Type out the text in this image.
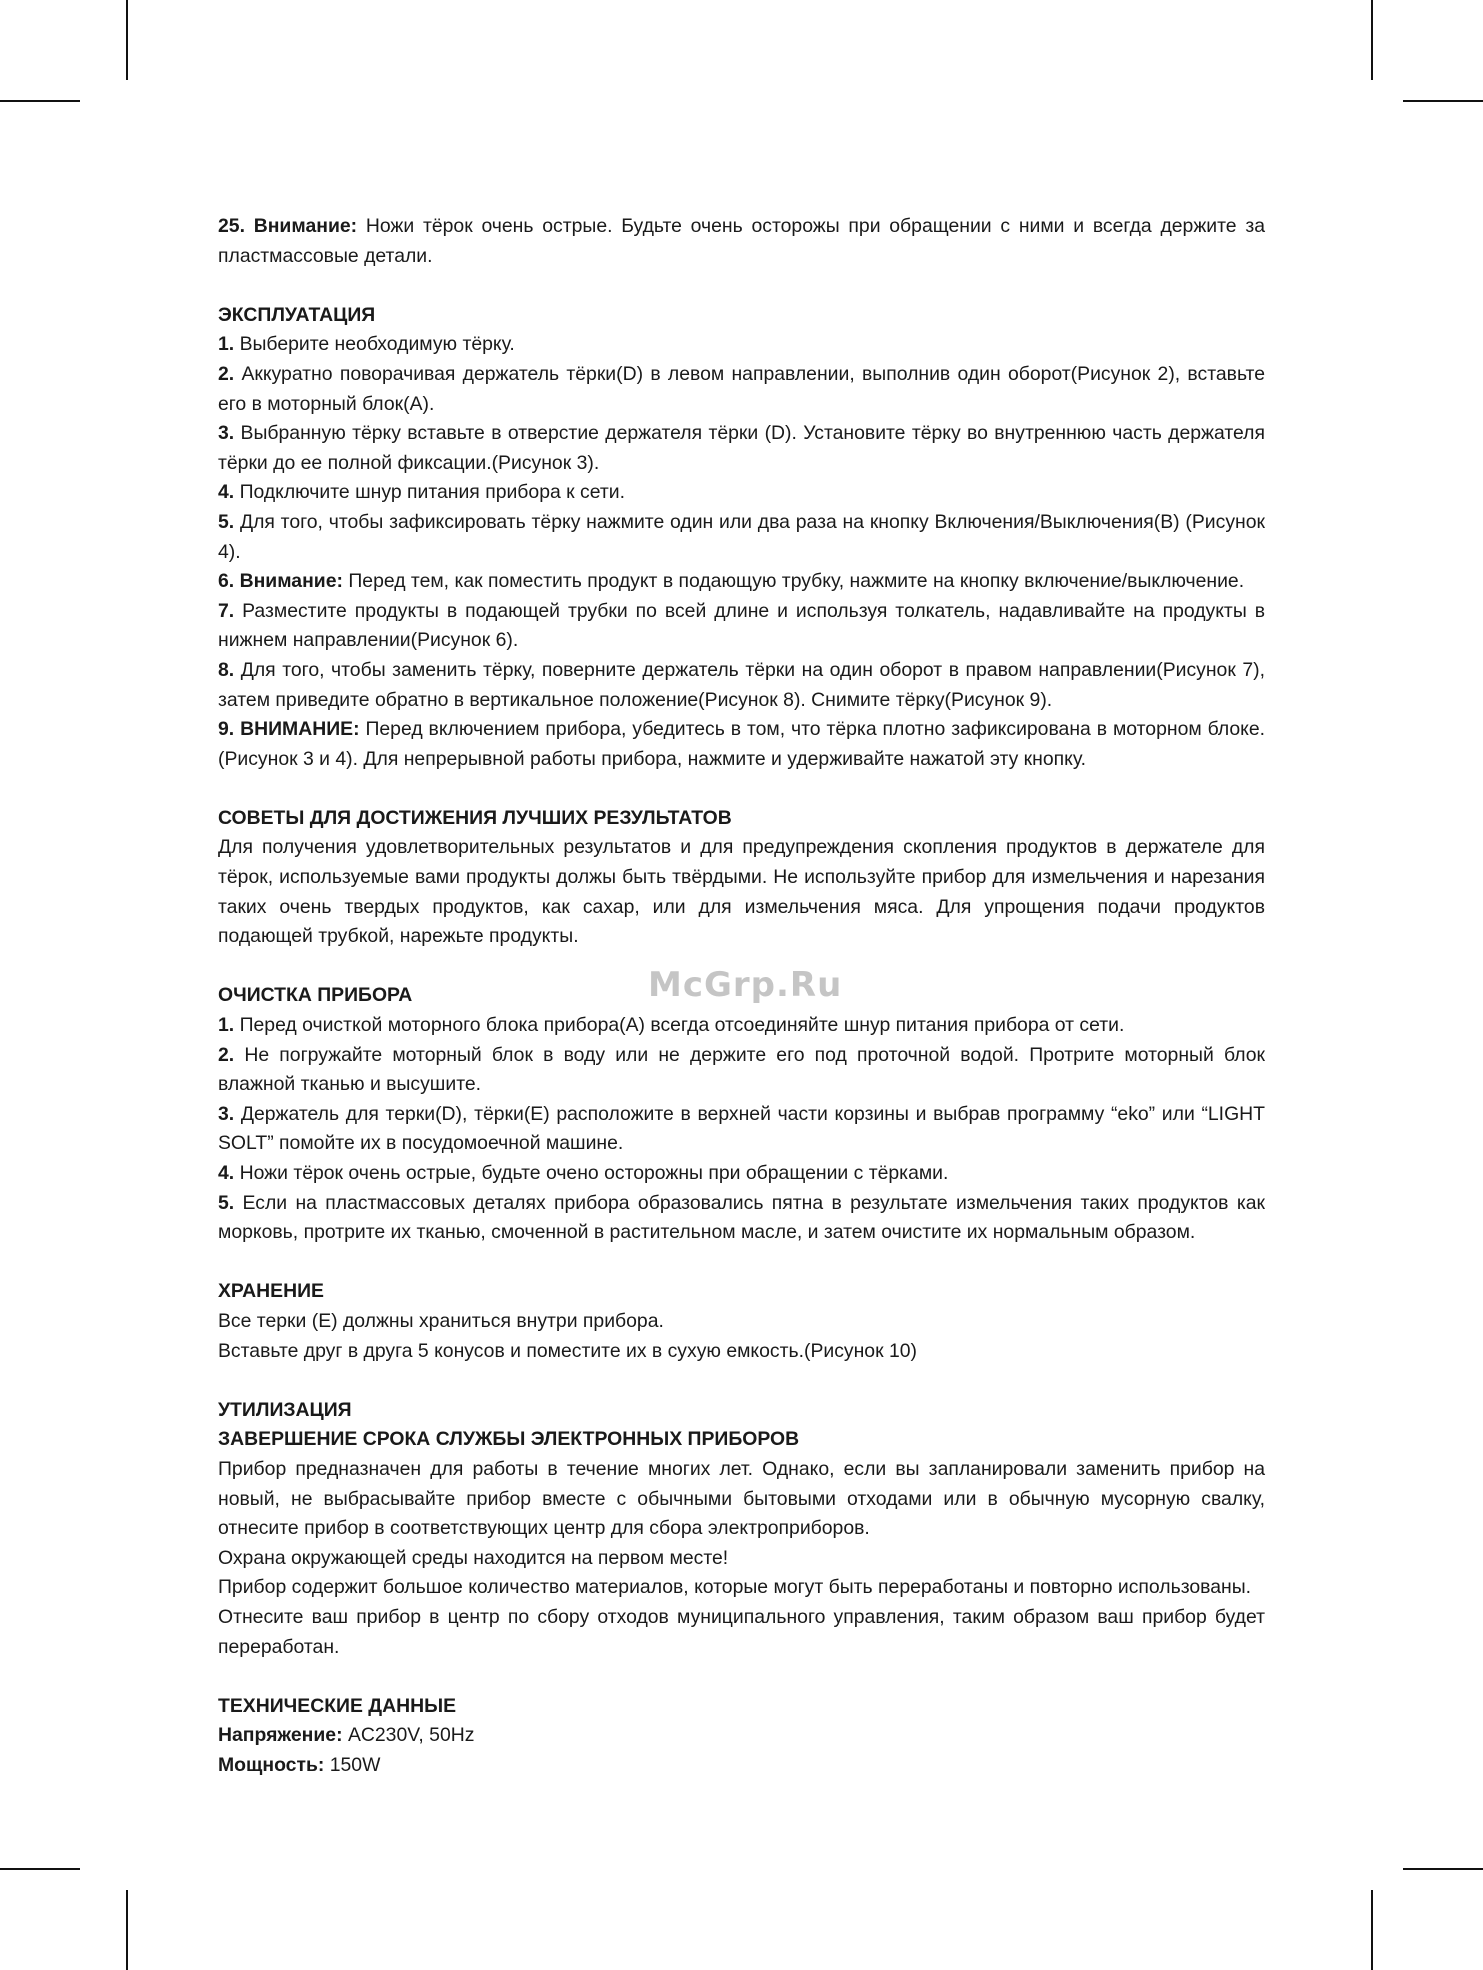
25. Внимание: Ножи тёрок очень острые. Будьте очень осторожы при обращении с ними и всегда держите за пластмассовые детали.

ЭКСПЛУАТАЦИЯ

1. Выберите необходимую тёрку.

2. Аккуратно поворачивая держатель тёрки(D) в левом направлении, выполнив один оборот(Рисунок 2), вставьте его в моторный блок(А).

3. Выбранную тёрку вставьте в отверстие держателя тёрки (D). Установите тёрку во внутреннюю часть держателя тёрки до ее полной фиксации.(Рисунок 3).

4. Подключите шнур питания прибора к сети.

5. Для того, чтобы зафиксировать тёрку нажмите один или два раза на кнопку Включения/Выключения(B) (Рисунок 4).

6. Внимание: Перед тем, как поместить продукт в подающую трубку, нажмите на кнопку включение/выключение.

7. Разместите продукты в подающей трубки по всей длине и используя толкатель, надавливайте на продукты в нижнем направлении(Рисунок 6).

8. Для того, чтобы заменить тёрку, поверните держатель тёрки на один оборот в правом направлении(Рисунок 7), затем приведите обратно в вертикальное положение(Рисунок 8). Снимите тёрку(Рисунок 9).

9. ВНИМАНИЕ: Перед включением прибора, убедитесь в том, что тёрка плотно зафиксирована в моторном блоке.(Рисунок 3 и 4). Для непрерывной работы прибора, нажмите и удерживайте нажатой эту кнопку.

СОВЕТЫ ДЛЯ ДОСТИЖЕНИЯ ЛУЧШИХ РЕЗУЛЬТАТОВ

Для получения удовлетворительных результатов и для предупреждения скопления продуктов в держателе для тёрок, используемые вами продукты должы быть твёрдыми. Не используйте прибор для измельчения и нарезания таких очень твердых продуктов, как сахар, или для измельчения мяса. Для упрощения подачи продуктов подающей трубкой, нарежьте продукты.

ОЧИСТКА ПРИБОРА

1. Перед очисткой моторного блока прибора(А) всегда отсоединяйте шнур питания прибора от сети.

2. Не погружайте моторный блок в воду или не держите его под проточной водой. Протрите моторный блок влажной тканью и высушите.

3. Держатель для терки(D), тёрки(E) расположите в верхней части корзины и выбрав программу “eko” или “LIGHT SOLT” помойте их в посудомоечной машине.

4. Ножи тёрок очень острые, будьте очено осторожны при обращении с тёрками.

5. Если на пластмассовых деталях прибора образовались пятна в результате измельчения таких продуктов как морковь, протрите их тканью, смоченной в растительном масле, и затем очистите их нормальным образом.

ХРАНЕНИЕ

Все терки (Е) должны храниться внутри прибора.

Вставьте друг в друга 5 конусов и поместите их в сухую емкость.(Рисунок 10)

УТИЛИЗАЦИЯ
ЗАВЕРШЕНИЕ СРОКА СЛУЖБЫ ЭЛЕКТРОННЫХ ПРИБОРОВ

Прибор предназначен для работы в течение многих лет. Однако, если вы запланировали заменить прибор на новый, не выбрасывайте прибор вместе с обычными бытовыми отходами или в обычную мусорную свалку, отнесите прибор в соответствующих центр для сбора электроприборов.

Охрана окружающей среды находится на первом месте!

Прибор содержит большое количество материалов, которые могут быть переработаны и повторно использованы.

Отнесите ваш прибор в центр по сбору отходов муниципального управления, таким образом ваш прибор будет переработан.

ТЕХНИЧЕСКИЕ ДАННЫЕ

Напряжение: AC230V, 50Hz

Мощность: 150W

McGrp.Ru
